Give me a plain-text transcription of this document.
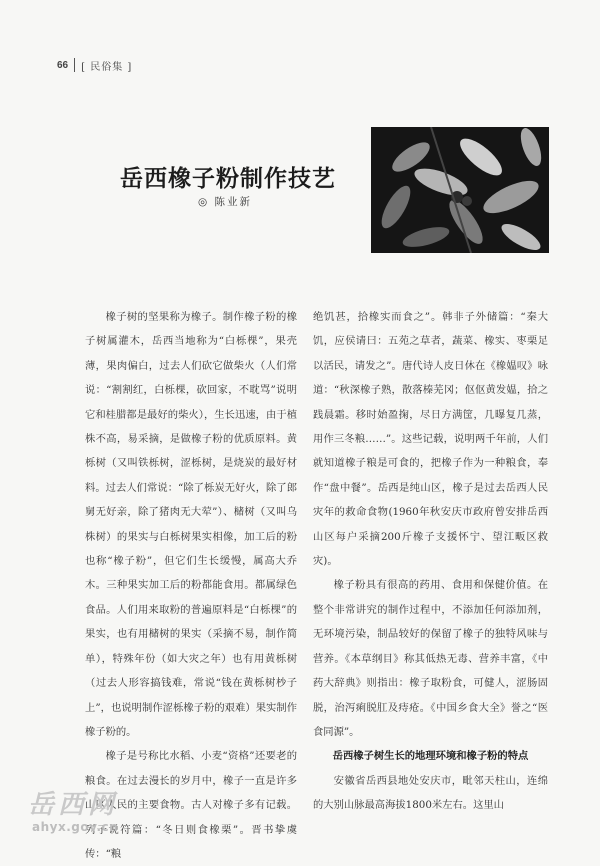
66 [ 民俗集 ]
岳西橡子粉制作技艺
◎ 陈业新

橡子树的坚果称为橡子。制作橡子粉的橡子树属灌木，岳西当地称为“白栎棵”，果壳薄，果肉偏白，过去人们砍它做柴火（人们常说：“割割红，白栎棵，砍回家，不耽骂”说明它和桂腊都是最好的柴火），生长迅速，由于植株不高，易采摘，是做橡子粉的优质原料。黄栎树（又叫铁栎树，涩栎树，是烧炭的最好材料。过去人们常说：“除了栎炭无好火，除了郎舅无好亲，除了猪肉无大荤”）、槠树（又叫乌株树）的果实与白栎树果实相像，加工后的粉也称“橡子粉”，但它们生长缓慢，属高大乔木。三种果实加工后的粉都能食用。都属绿色食品。人们用来取粉的普遍原料是“白栎棵”的果实，也有用槠树的果实（采摘不易，制作简单），特殊年份（如大灾之年）也有用黄栎树（过去人形容搞钱难，常说“钱在黄栎树杪子上”，也说明制作涩栎橡子粉的艰难）果实制作橡子粉的。

橡子是号称比水稻、小麦“资格”还要老的粮食。在过去漫长的岁月中，橡子一直是许多山区人民的主要食物。古人对橡子多有记载。列子说符篇：“冬日则食橡栗”。晋书挚虞传：“粮

绝饥甚，拾橡实而食之”。韩非子外储篇：“秦大饥，应侯请曰：五苑之草者，蔬菜、橡实、枣栗足以活民，请发之”。唐代诗人皮日休在《橡媪叹》咏道：“秋深橡子熟，散落榛芜冈；伛伛黄发媪，拾之践晨霜。移时始盈掬，尽日方满筐，几曝复几蒸，用作三冬粮……”。这些记载，说明两千年前，人们就知道橡子粮是可食的，把橡子作为一种粮食，奉作“盘中餐”。岳西是纯山区，橡子是过去岳西人民灾年的救命食物(1960年秋安庆市政府曾安排岳西山区每户采摘200斤橡子支援怀宁、望江畈区救灾)。

橡子粉具有很高的药用、食用和保健价值。在整个非常讲究的制作过程中，不添加任何添加剂，无环境污染，制品较好的保留了橡子的独特风味与营养。《本草纲目》称其低热无毒、营养丰富，《中药大辞典》则指出：橡子取粉食，可健人，涩肠固脱，治泻痢脱肛及痔疮。《中国乡食大全》誉之“医食同源”。

岳西橡子树生长的地理环境和橡子粉的特点

安徽省岳西县地处安庆市，毗邻天柱山，连绵的大别山脉最高海拔1800米左右。这里山

岳西网
ahyx.gov.cn
